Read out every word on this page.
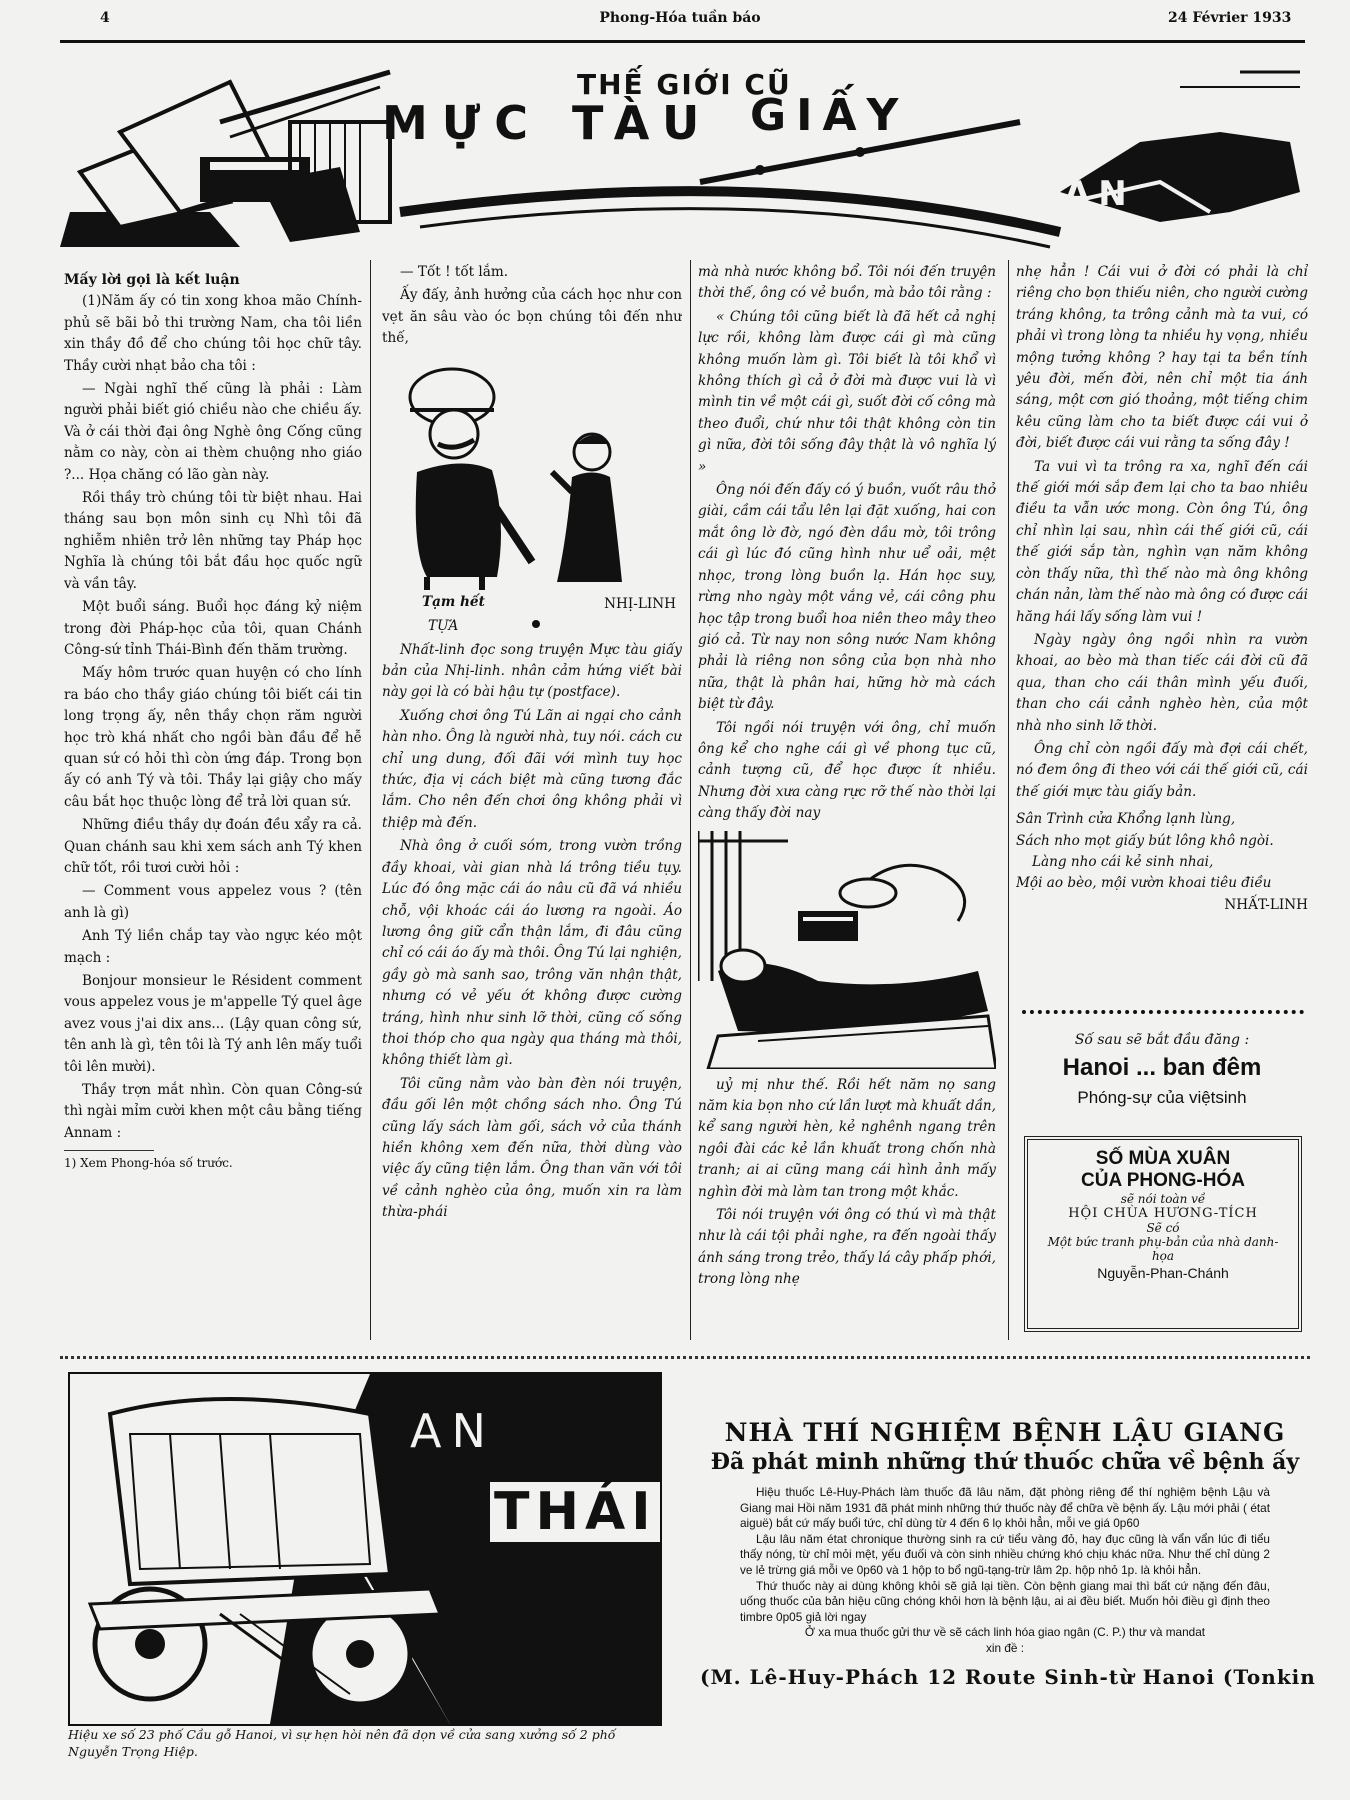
4	Phong-Hóa tuần báo	24 Février 1933
THẾ GIỚI CŨ
MỰC TÀU GIẤY
BẢN
Mấy lời gọi là kết luận

(1)Năm ấy có tin xong khoa mão Chính-phủ sẽ bãi bỏ thi trường Nam, cha tôi liền xin thầy đồ để cho chúng tôi học chữ tây. Thầy cười nhạt bảo cha tôi :

— Ngài nghĩ thế cũng là phải : Làm người phải biết gió chiều nào che chiều ấy. Và ở cái thời đại ông Nghè ông Cống cũng nằm co này, còn ai thèm chuộng nho giáo ?... Họa chăng có lão gàn này.

Rồi thầy trò chúng tôi từ biệt nhau. Hai tháng sau bọn môn sinh cụ Nhì tôi đã nghiễm nhiên trở lên những tay Pháp học Nghĩa là chúng tôi bắt đầu học quốc ngữ và vần tây.

Một buổi sáng. Buổi học đáng kỷ niệm trong đời Pháp-học của tôi, quan Chánh Công-sứ tỉnh Thái-Bình đến thăm trường.

Mấy hôm trước quan huyện có cho lính ra báo cho thầy giáo chúng tôi biết cái tin long trọng ấy, nên thầy chọn răm người học trò khá nhất cho ngồi bàn đầu để hễ quan sứ có hỏi thì còn ứng đáp. Trong bọn ấy có anh Tý và tôi. Thầy lại giậy cho mấy câu bắt học thuộc lòng để trả lời quan sứ.

Những điều thầy dự đoán đều xẩy ra cả. Quan chánh sau khi xem sách anh Tý khen chữ tốt, rồi tươi cười hỏi :

— Comment vous appelez vous ? (tên anh là gì)

Anh Tý liền chắp tay vào ngực kéo một mạch :

Bonjour monsieur le Résident comment vous appelez vous je m'appelle Tý quel âge avez vous j'ai dix ans... (Lậy quan công sứ, tên anh là gì, tên tôi là Tý anh lên mấy tuổi tôi lên mười).

Thầy trợn mắt nhìn. Còn quan Công-sứ thì ngài mỉm cười khen một câu bằng tiếng Annam :

1) Xem Phong-hóa số trước.

— Tốt ! tốt lắm.

Ấy đấy, ảnh hưởng của cách học như con vẹt ăn sâu vào óc bọn chúng tôi đến như thế,

Tạm hết	NHỊ-LINH
TỰA

Nhất-linh đọc song truyện Mực tàu giấy bản của Nhị-linh. nhân cảm hứng viết bài này gọi là có bài hậu tự (postface).

Xuống chơi ông Tú Lãn ai ngại cho cảnh hàn nho. Ông là người nhà, tuy nói. cách cư chỉ ung dung, đối đãi với mình tuy học thức, địa vị cách biệt mà cũng tương đắc lắm. Cho nên đến chơi ông không phải vì thiệp mà đến.

Nhà ông ở cuối sóm, trong vườn trồng đầy khoai, vài gian nhà lá trông tiều tụy. Lúc đó ông mặc cái áo nâu cũ đã vá nhiều chỗ, vội khoác cái áo lương ra ngoài. Áo lương ông giữ cẩn thận lắm, đi đâu cũng chỉ có cái áo ấy mà thôi. Ông Tú lại nghiện, gầy gò mà sanh sao, trông văn nhận thật, nhưng có vẻ yếu ớt không được cường tráng, hình như sinh lỡ thời, cũng cố sống thoi thóp cho qua ngày qua tháng mà thôi, không thiết làm gì.

Tôi cũng nằm vào bàn đèn nói truyện, đầu gối lên một chồng sách nho. Ông Tú cũng lấy sách làm gối, sách vở của thánh hiền không xem đến nữa, thời dùng vào việc ấy cũng tiện lắm. Ông than vãn với tôi về cảnh nghèo của ông, muốn xin ra làm thừa-phái

mà nhà nước không bổ. Tôi nói đến truyện thời thế, ông có vẻ buồn, mà bảo tôi rằng :

« Chúng tôi cũng biết là đã hết cả nghị lực rồi, không làm được cái gì mà cũng không muốn làm gì. Tôi biết là tôi khổ vì không thích gì cả ở đời mà được vui là vì mình tin về một cái gì, suốt đời cố công mà theo đuổi, chứ như tôi thật không còn tin gì nữa, đời tôi sống đây thật là vô nghĩa lý »

Ông nói đến đấy có ý buồn, vuốt râu thở giài, cầm cái tẩu lên lại đặt xuống, hai con mắt ông lờ đờ, ngó đèn dầu mờ, tôi trông cái gì lúc đó cũng hình như uể oải, mệt nhọc, trong lòng buồn lạ. Hán học suy, rừng nho ngày một vắng vẻ, cái công phu học tập trong buổi hoa niên theo mây theo gió cả. Từ nay non sông nước Nam không phải là riêng non sông của bọn nhà nho nữa, thật là phân hai, hững hờ mà cách biệt từ đây.

Tôi ngồi nói truyện với ông, chỉ muốn ông kể cho nghe cái gì về phong tục cũ, cảnh tượng cũ, để học được ít nhiều. Nhưng đời xưa càng rực rỡ thế nào thời lại càng thấy đời nay

uỷ mị như thế. Rồi hết năm nọ sang năm kia bọn nho cứ lần lượt mà khuất dần, kể sang người hèn, kẻ nghênh ngang trên ngôi đài các kẻ lần khuất trong chốn nhà tranh; ai ai cũng mang cái hình ảnh mấy nghìn đời mà làm tan trong một khắc.

Tôi nói truyện với ông có thú vì mà thật như là cái tội phải nghe, ra đến ngoài thấy ánh sáng trong trẻo, thấy lá cây phấp phới, trong lòng nhẹ

nhẹ hẳn ! Cái vui ở đời có phải là chỉ riêng cho bọn thiếu niên, cho người cường tráng không, ta trông cảnh mà ta vui, có phải vì trong lòng ta nhiều hy vọng, nhiều mộng tưởng không ? hay tại ta bền tính yêu đời, mến đời, nên chỉ một tia ánh sáng, một cơn gió thoảng, một tiếng chim kêu cũng làm cho ta biết được cái vui ở đời, biết được cái vui rằng ta sống đây !

Ta vui vì ta trông ra xa, nghĩ đến cái thế giới mới sắp đem lại cho ta bao nhiêu điều ta vẫn ước mong. Còn ông Tú, ông chỉ nhìn lại sau, nhìn cái thế giới cũ, cái thế giới sắp tàn, nghìn vạn năm không còn thấy nữa, thì thế nào mà ông không chán nản, làm thế nào mà ông có được cái hăng hái lấy sống làm vui !

Ngày ngày ông ngồi nhìn ra vườn khoai, ao bèo mà than tiếc cái đời cũ đã qua, than cho cái thân mình yếu đuối, than cho cái cảnh nghèo hèn, của một nhà nho sinh lỡ thời.

Ông chỉ còn ngồi đấy mà đợi cái chết, nó đem ông đi theo với cái thế giới cũ, cái thế giới mực tàu giấy bản.

Sân Trình cửa Khổng lạnh lùng,
Sách nho mọt giấy bút lông khô ngòi.
Làng nho cái kẻ sinh nhai,
Mội ao bèo, mội vườn khoai tiêu điều
NHẤT-LINH
Số sau sẽ bắt đầu đăng :
Hanoi ... ban đêm
Phóng-sự của việtsinh
SỐ MÙA XUÂN
CỦA PHONG-HÓA
sẽ nói toàn về
HỘI CHÙA HƯƠNG-TÍCH
Sẽ có
Một bức tranh phụ-bản của nhà danh-họa
Nguyễn-Phan-Chánh
AN
THÁI
Hiệu xe số 23 phố Cầu gỗ Hanoi, vì sự hẹn hòi nên đã dọn về cửa sang xưởng số 2 phố Nguyễn Trọng Hiệp.
NHÀ THÍ NGHIỆM BỆNH LẬU GIANG
Đã phát minh những thứ thuốc chữa về bệnh ấy
Hiệu thuốc Lê-Huy-Phách làm thuốc đã lâu năm, đặt phòng riêng để thí nghiệm bệnh Lậu và Giang mai Hồi năm 1931 đã phát minh những thứ thuốc này để chữa về bệnh ấy. Lậu mới phải ( état aiguë) bắt cứ mấy buổi tức, chỉ dùng từ 4 đến 6 lọ khỏi hẳn, mỗi ve giá 0p60
Lậu lâu năm état chronique thường sinh ra cứ tiểu vàng đỏ, hay đục cũng là vẩn vẩn lúc đi tiểu thấy nóng, từ chỉ mỏi mệt, yếu đuối và còn sinh nhiều chứng khó chịu khác nữa. Như thế chỉ dùng 2 ve lẻ trừng giá mỗi ve 0p60 và 1 hộp to bổ ngũ-tạng-trừ lâm 2p. hộp nhỏ 1p. là khỏi hẳn.
Thứ thuốc này ai dùng không khỏi sẽ giả lại tiền. Còn bệnh giang mai thì bất cứ nặng đến đâu, uống thuốc của bản hiệu cũng chóng khỏi hơn là bệnh lậu, ai ai đều biết. Muốn hỏi điều gì định theo timbre 0p05 giả lời ngay
Ở xa mua thuốc gửi thư về sẽ cách linh hóa giao ngân (C. P.) thư và mandat xin đề :
(M. Lê-Huy-Phách 12 Route Sinh-từ Hanoi (Tonkin
